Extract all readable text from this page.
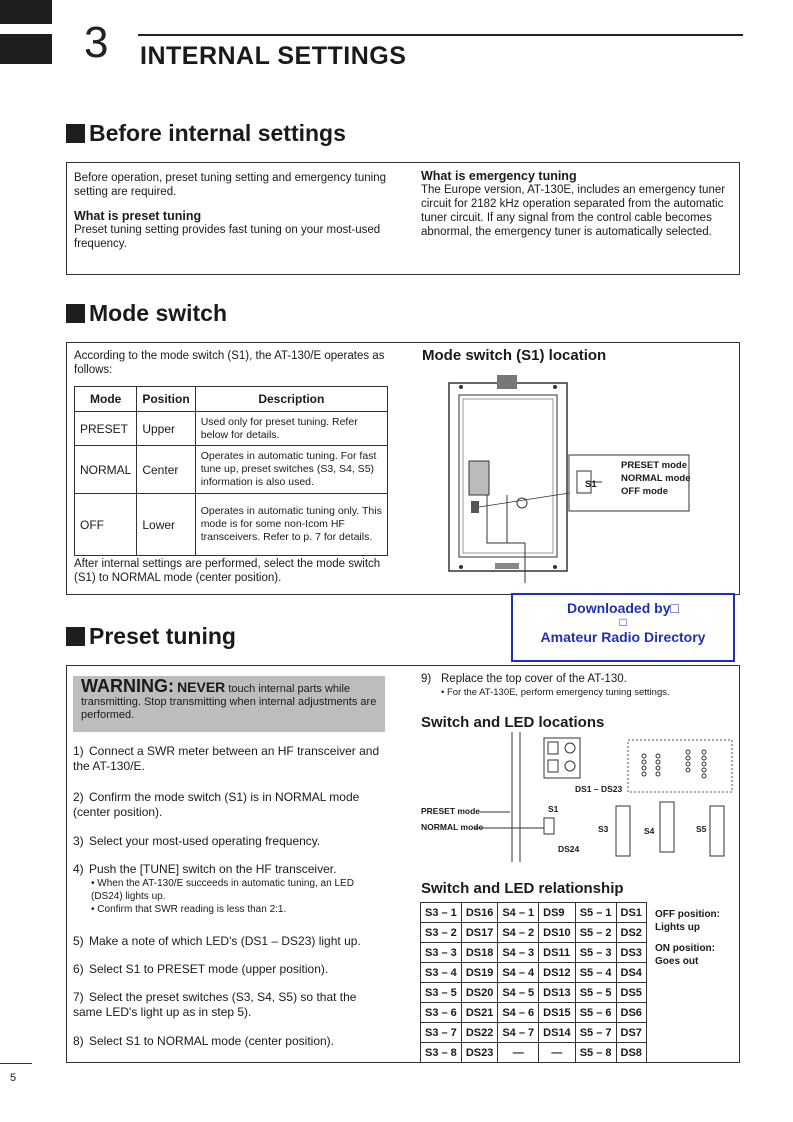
3 INTERNAL SETTINGS
Before internal settings
Before operation, preset tuning setting and emergency tuning setting are required.
What is preset tuning
Preset tuning setting provides fast tuning on your most-used frequency.
What is emergency tuning
The Europe version, AT-130E, includes an emergency tuner circuit for 2182 kHz operation separated from the automatic tuner circuit. If any signal from the control cable becomes abnormal, the emergency tuner is automatically selected.
Mode switch
According to the mode switch (S1), the AT-130/E operates as follows:
Mode	Position	Description
PRESET	Upper	Used only for preset tuning. Refer below for details.
NORMAL	Center	Operates in automatic tuning. For fast tune up, preset switches (S3, S4, S5) information is also used.
OFF	Lower	Operates in automatic tuning only. This mode is for some non-Icom HF transceivers. Refer to p. 7 for details.
After internal settings are performed, select the mode switch (S1) to NORMAL mode (center position).
Mode switch (S1) location
PRESET mode
NORMAL mode
OFF mode
S1
Downloaded by□
□
Amateur Radio Directory
Preset tuning
WARNING: NEVER touch internal parts while transmitting. Stop transmitting when internal adjustments are performed.
1) Connect a SWR meter between an HF transceiver and the AT-130/E.
2) Confirm the mode switch (S1) is in NORMAL mode (center position).
3) Select your most-used operating frequency.
4) Push the [TUNE] switch on the HF transceiver.
• When the AT-130/E succeeds in automatic tuning, an LED (DS24) lights up.
• Confirm that SWR reading is less than 2:1.
5) Make a note of which LED's (DS1 – DS23) light up.
6) Select S1 to PRESET mode (upper position).
7) Select the preset switches (S3, S4, S5) so that the same LED's light up as in step 5).
8) Select S1 to NORMAL mode (center position).
9) Replace the top cover of the AT-130.
• For the AT-130E, perform emergency tuning settings.
Switch and LED locations
DS1 – DS23
S1
PRESET mode
NORMAL mode	S3	S4	S5
DS24
Switch and LED relationship
S3 – 1	DS16	S4 – 1	DS9	S5 – 1	DS1
S3 – 2	DS17	S4 – 2	DS10	S5 – 2	DS2
S3 – 3	DS18	S4 – 3	DS11	S5 – 3	DS3
S3 – 4	DS19	S4 – 4	DS12	S5 – 4	DS4
S3 – 5	DS20	S4 – 5	DS13	S5 – 5	DS5
S3 – 6	DS21	S4 – 6	DS15	S5 – 6	DS6
S3 – 7	DS22	S4 – 7	DS14	S5 – 7	DS7
S3 – 8	DS23	—	—	S5 – 8	DS8
OFF position:
Lights up
ON position:
Goes out
5
